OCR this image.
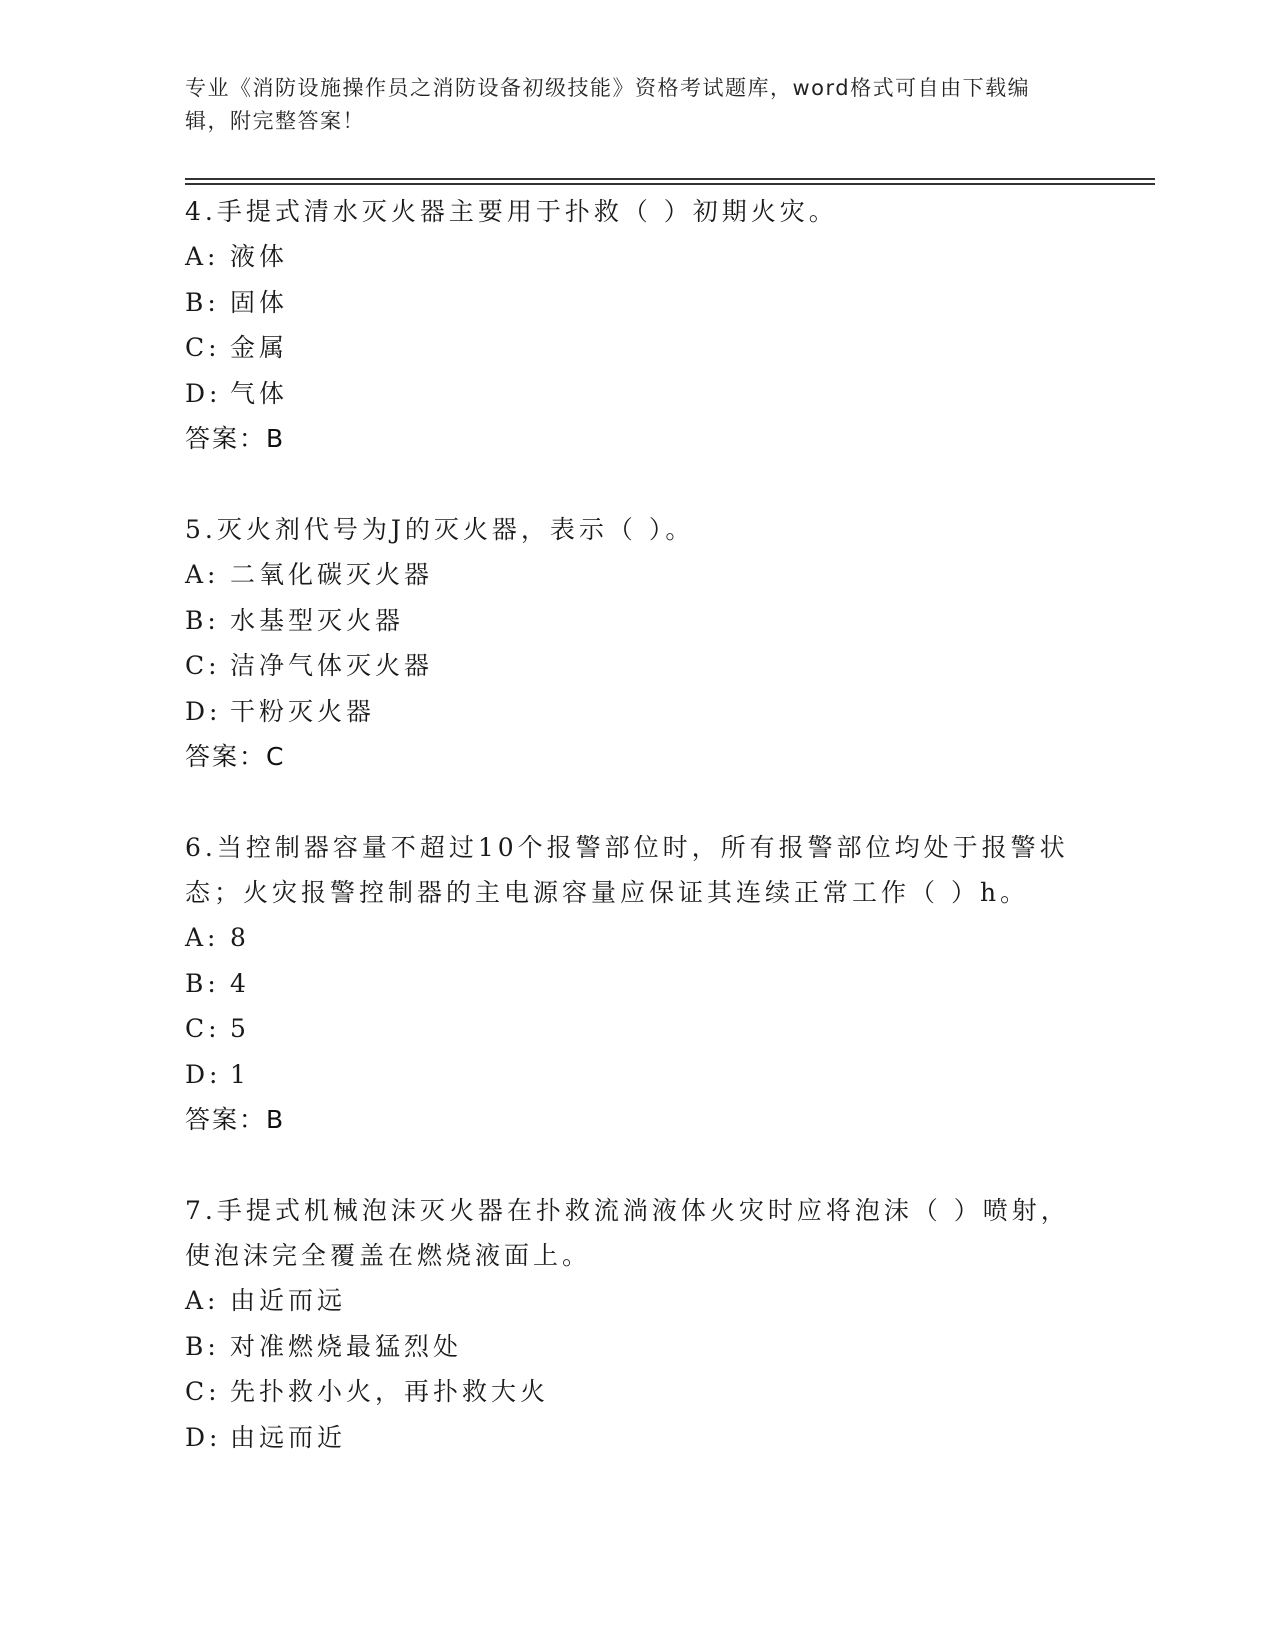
专业《消防设施操作员之消防设备初级技能》资格考试题库，word格式可自由下载编辑，附完整答案！

4.手提式清水灭火器主要用于扑救（ ）初期火灾。

A: 液体
B: 固体
C: 金属
D: 气体
答案：B

5.灭火剂代号为J的灭火器，表示（ ）。

A: 二氧化碳灭火器
B: 水基型灭火器
C: 洁净气体灭火器
D: 干粉灭火器
答案：C

6.当控制器容量不超过10个报警部位时，所有报警部位均处于报警状态；火灾报警控制器的主电源容量应保证其连续正常工作（ ）h。

A: 8
B: 4
C: 5
D: 1
答案：B

7.手提式机械泡沫灭火器在扑救流淌液体火灾时应将泡沫（ ）喷射，使泡沫完全覆盖在燃烧液面上。

A: 由近而远
B: 对准燃烧最猛烈处
C: 先扑救小火，再扑救大火
D: 由远而近
